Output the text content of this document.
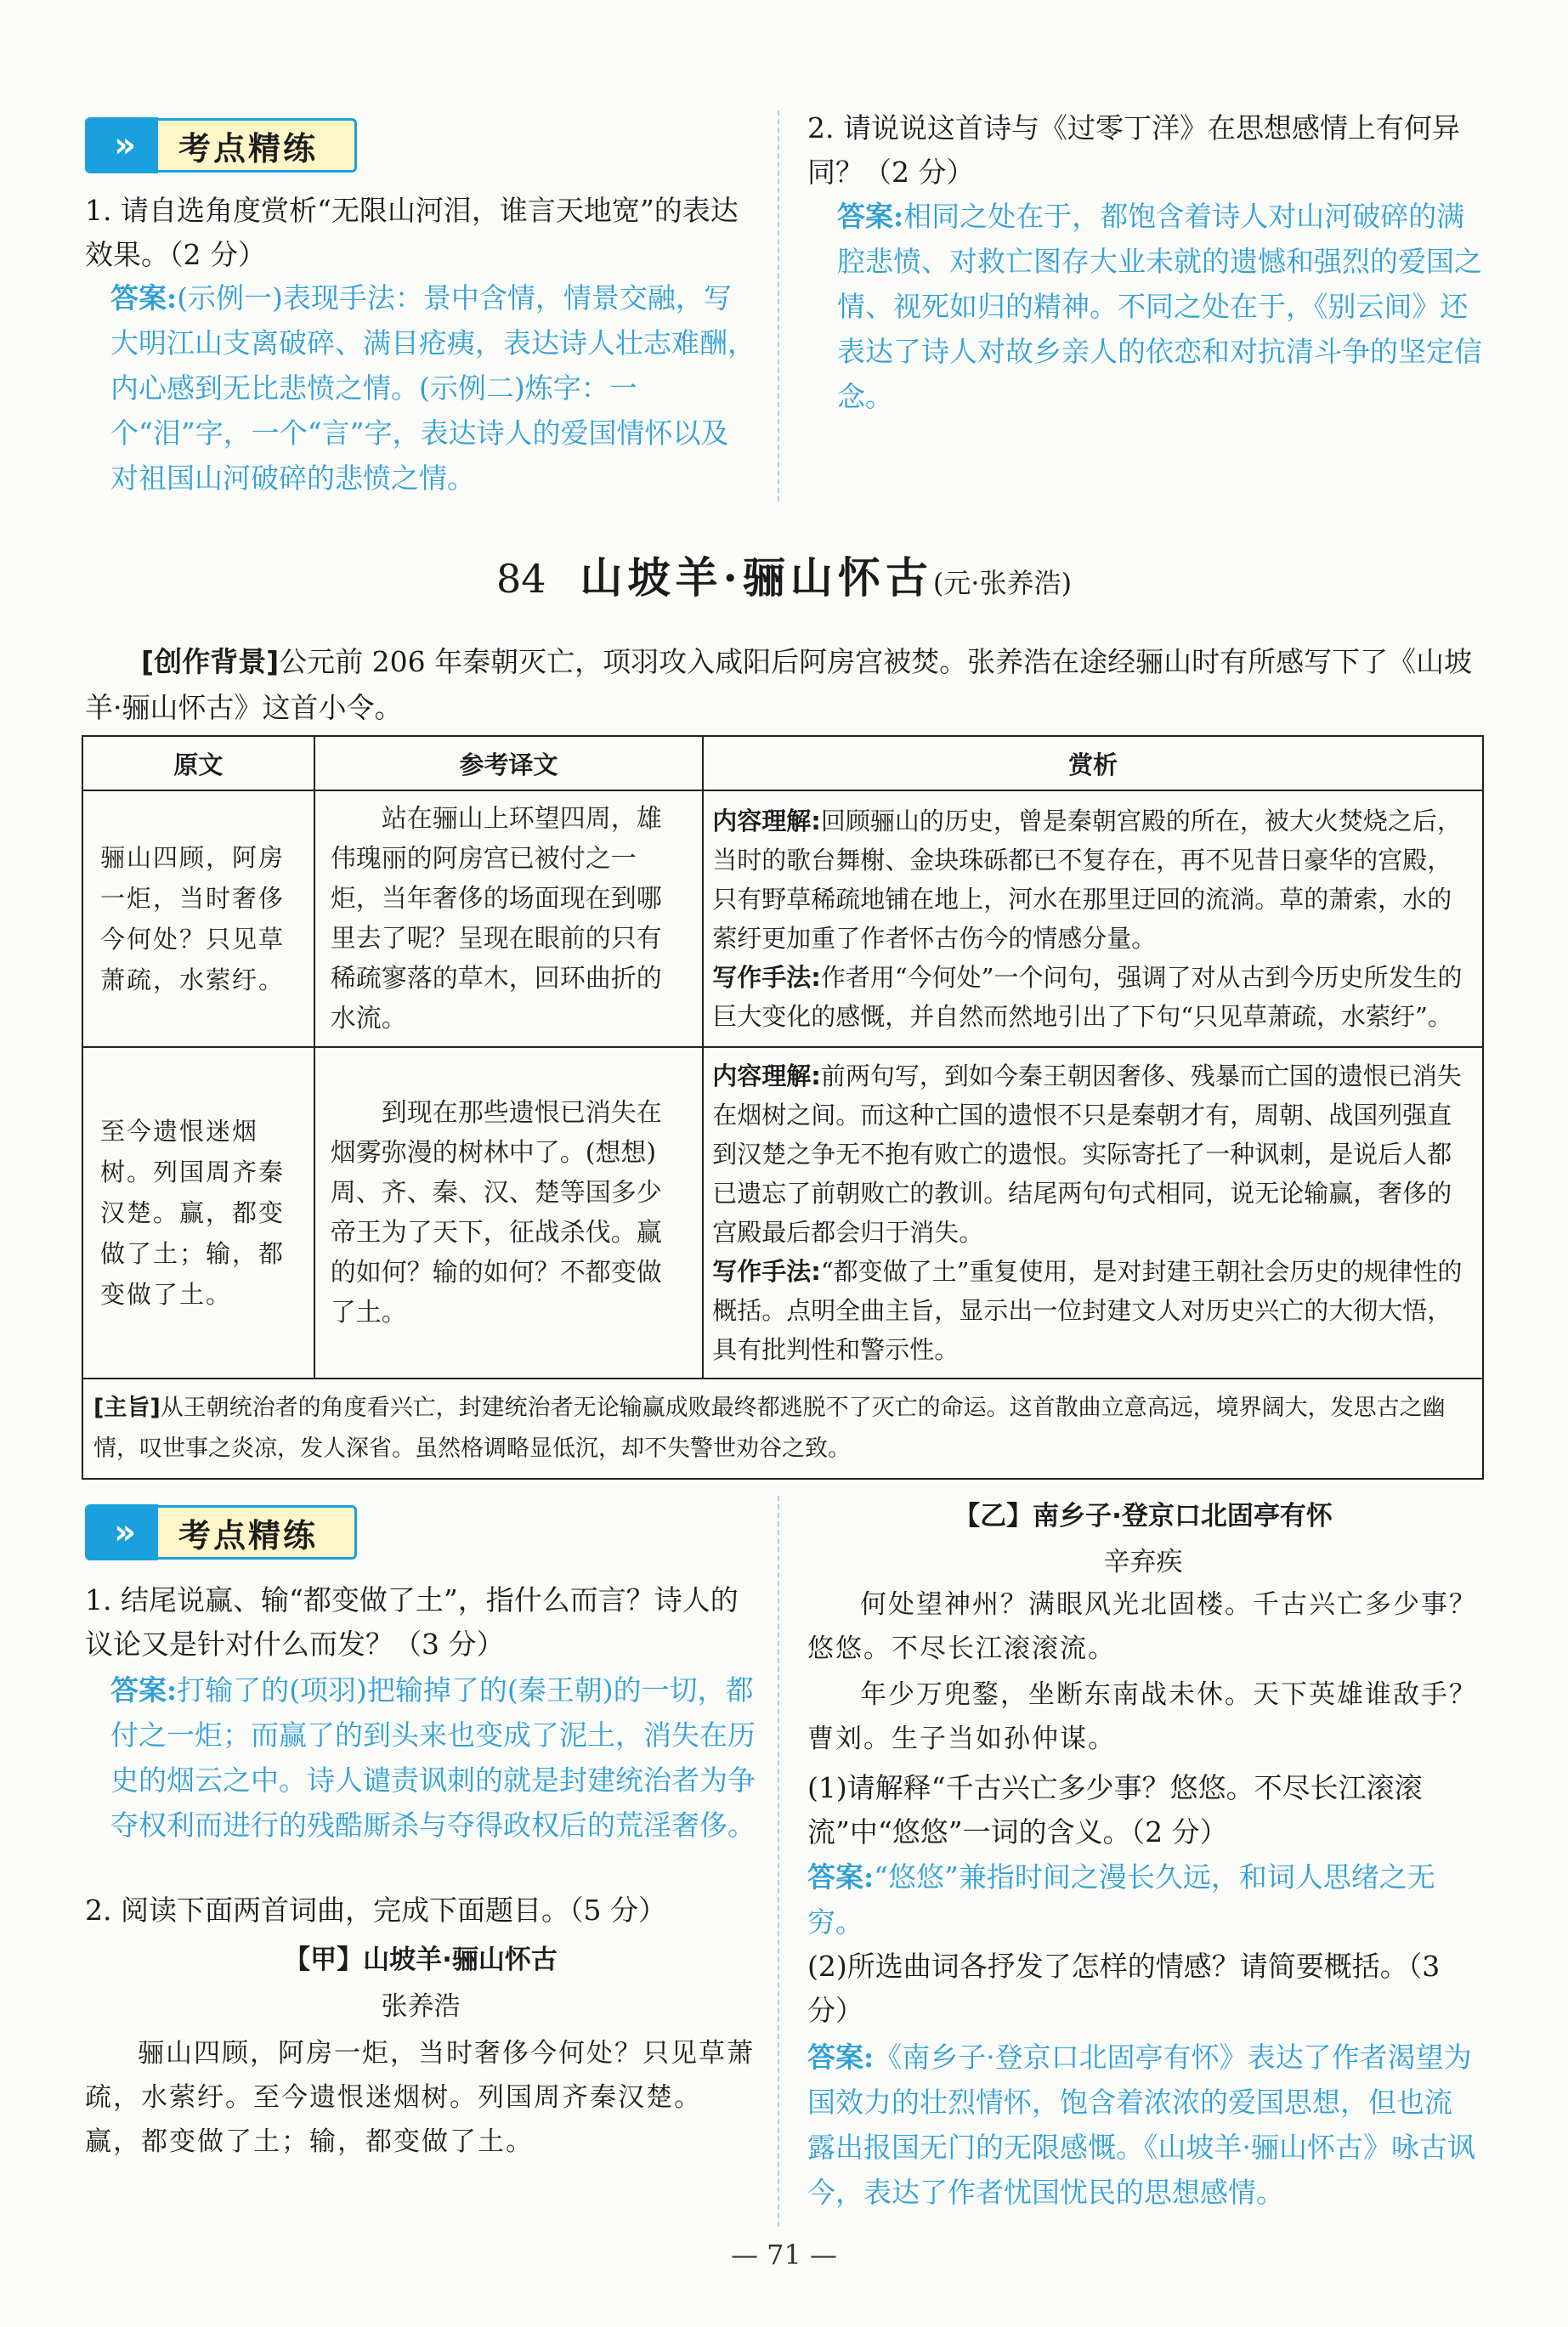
»	考点精练
1. 请自选角度赏析“无限山河泪，谁言天地宽”的表达效果。（2 分）
答案:(示例一)表现手法：景中含情，情景交融，写大明江山支离破碎、满目疮痍，表达诗人壮志难酬，内心感到无比悲愤之情。(示例二)炼字：一个“泪”字，一个“言”字，表达诗人的爱国情怀以及对祖国山河破碎的悲愤之情。
2. 请说说这首诗与《过零丁洋》在思想感情上有何异同？（2 分）
答案:相同之处在于，都饱含着诗人对山河破碎的满腔悲愤、对救亡图存大业未就的遗憾和强烈的爱国之情、视死如归的精神。不同之处在于，《别云间》还表达了诗人对故乡亲人的依恋和对抗清斗争的坚定信念。
84 山坡羊·骊山怀古(元·张养浩)
[创作背景]公元前 206 年秦朝灭亡，项羽攻入咸阳后阿房宫被焚。张养浩在途经骊山时有所感写下了《山坡羊·骊山怀古》这首小令。
原文	参考译文	赏析
骊山四顾，阿房一炬，当时奢侈今何处？只见草萧疏，水萦纡。	站在骊山上环望四周，雄伟瑰丽的阿房宫已被付之一炬，当年奢侈的场面现在到哪里去了呢？呈现在眼前的只有稀疏寥落的草木，回环曲折的水流。	内容理解:回顾骊山的历史，曾是秦朝宫殿的所在，被大火焚烧之后，当时的歌台舞榭、金块珠砾都已不复存在，再不见昔日豪华的宫殿，只有野草稀疏地铺在地上，河水在那里迂回的流淌。草的萧索，水的萦纡更加重了作者怀古伤今的情感分量。
写作手法:作者用“今何处”一个问句，强调了对从古到今历史所发生的巨大变化的感慨，并自然而然地引出了下句“只见草萧疏，水萦纡”。
至今遗恨迷烟树。列国周齐秦汉楚。赢，都变做了土；输，都变做了土。	到现在那些遗恨已消失在烟雾弥漫的树林中了。(想想)周、齐、秦、汉、楚等国多少帝王为了天下，征战杀伐。赢的如何？输的如何？不都变做了土。	内容理解:前两句写，到如今秦王朝因奢侈、残暴而亡国的遗恨已消失在烟树之间。而这种亡国的遗恨不只是秦朝才有，周朝、战国列强直到汉楚之争无不抱有败亡的遗恨。实际寄托了一种讽刺，是说后人都已遗忘了前朝败亡的教训。结尾两句句式相同，说无论输赢，奢侈的宫殿最后都会归于消失。
写作手法:“都变做了土”重复使用，是对封建王朝社会历史的规律性的概括。点明全曲主旨，显示出一位封建文人对历史兴亡的大彻大悟，具有批判性和警示性。
[主旨]从王朝统治者的角度看兴亡，封建统治者无论输赢成败最终都逃脱不了灭亡的命运。这首散曲立意高远，境界阔大，发思古之幽情，叹世事之炎凉，发人深省。虽然格调略显低沉，却不失警世劝谷之致。		
»	考点精练
1. 结尾说赢、输“都变做了土”，指什么而言？诗人的议论又是针对什么而发？（3 分）
答案:打输了的(项羽)把输掉了的(秦王朝)的一切，都付之一炬；而赢了的到头来也变成了泥土，消失在历史的烟云之中。诗人谴责讽刺的就是封建统治者为争夺权利而进行的残酷厮杀与夺得政权后的荒淫奢侈。
2. 阅读下面两首词曲，完成下面题目。（5 分）
【甲】山坡羊·骊山怀古
张养浩
骊山四顾，阿房一炬，当时奢侈今何处？只见草萧疏，水萦纡。至今遗恨迷烟树。列国周齐秦汉楚。赢，都变做了土；输，都变做了土。
【乙】南乡子·登京口北固亭有怀
辛弃疾
何处望神州？满眼风光北固楼。千古兴亡多少事？悠悠。不尽长江滚滚流。
年少万兜鍪，坐断东南战未休。天下英雄谁敌手？曹刘。生子当如孙仲谋。
(1)请解释“千古兴亡多少事？悠悠。不尽长江滚滚流”中“悠悠”一词的含义。（2 分）
答案:“悠悠”兼指时间之漫长久远，和词人思绪之无穷。
(2)所选曲词各抒发了怎样的情感？请简要概括。（3 分）
答案:《南乡子·登京口北固亭有怀》表达了作者渴望为国效力的壮烈情怀，饱含着浓浓的爱国思想，但也流露出报国无门的无限感慨。《山坡羊·骊山怀古》咏古讽今，表达了作者忧国忧民的思想感情。
— 71 —
